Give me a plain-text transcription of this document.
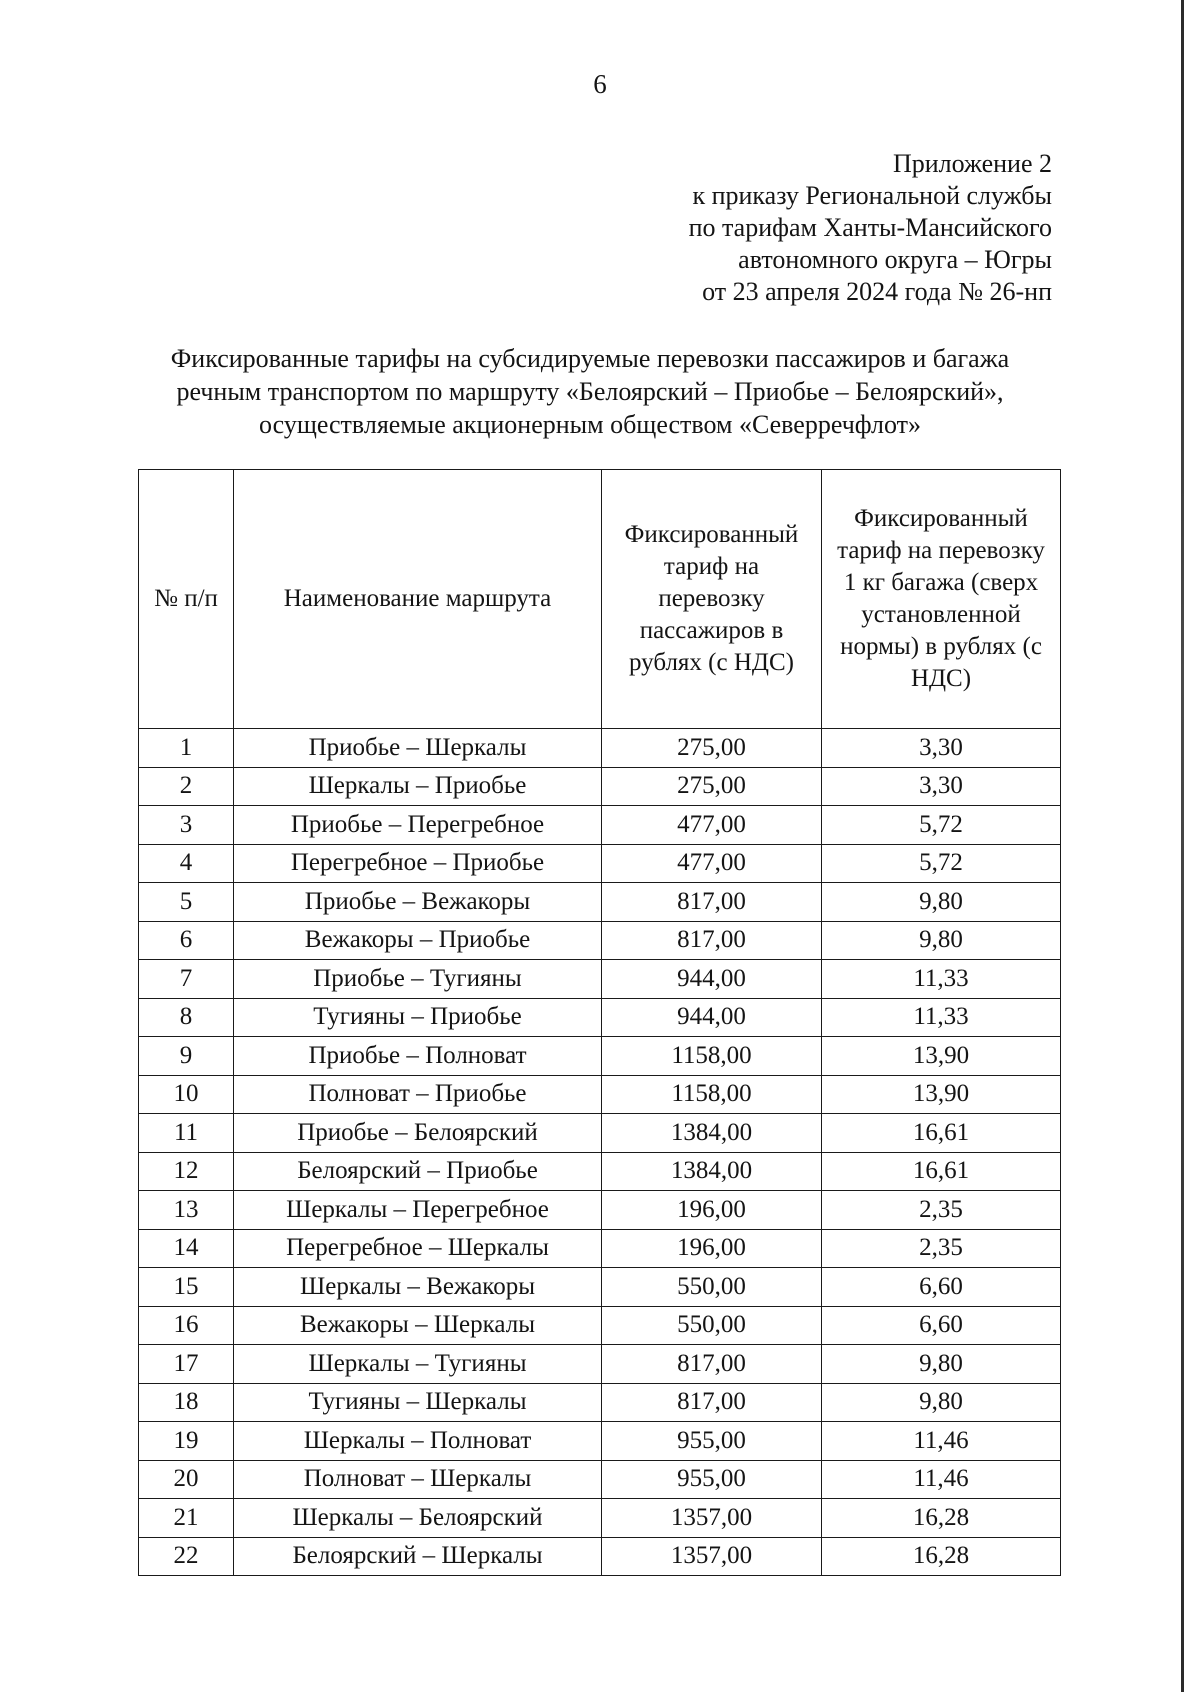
6
Приложение 2
к приказу Региональной службы
по тарифам Ханты-Мансийского
автономного округа – Югры
от 23 апреля 2024 года № 26-нп
Фиксированные тарифы на субсидируемые перевозки пассажиров и багажа
речным транспортом по маршруту «Белоярский – Приобье – Белоярский»,
осуществляемые акционерным обществом «Северречфлот»
№ п/п	Наименование маршрута	Фиксированный тариф на перевозку пассажиров в рублях (с НДС)	Фиксированный тариф на перевозку 1 кг багажа (сверх установленной нормы) в рублях (с НДС)
1	Приобье – Шеркалы	275,00	3,30
2	Шеркалы – Приобье	275,00	3,30
3	Приобье – Перегребное	477,00	5,72
4	Перегребное – Приобье	477,00	5,72
5	Приобье – Вежакоры	817,00	9,80
6	Вежакоры – Приобье	817,00	9,80
7	Приобье – Тугияны	944,00	11,33
8	Тугияны – Приобье	944,00	11,33
9	Приобье – Полноват	1158,00	13,90
10	Полноват – Приобье	1158,00	13,90
11	Приобье – Белоярский	1384,00	16,61
12	Белоярский – Приобье	1384,00	16,61
13	Шеркалы – Перегребное	196,00	2,35
14	Перегребное – Шеркалы	196,00	2,35
15	Шеркалы – Вежакоры	550,00	6,60
16	Вежакоры – Шеркалы	550,00	6,60
17	Шеркалы – Тугияны	817,00	9,80
18	Тугияны – Шеркалы	817,00	9,80
19	Шеркалы – Полноват	955,00	11,46
20	Полноват – Шеркалы	955,00	11,46
21	Шеркалы – Белоярский	1357,00	16,28
22	Белоярский – Шеркалы	1357,00	16,28
